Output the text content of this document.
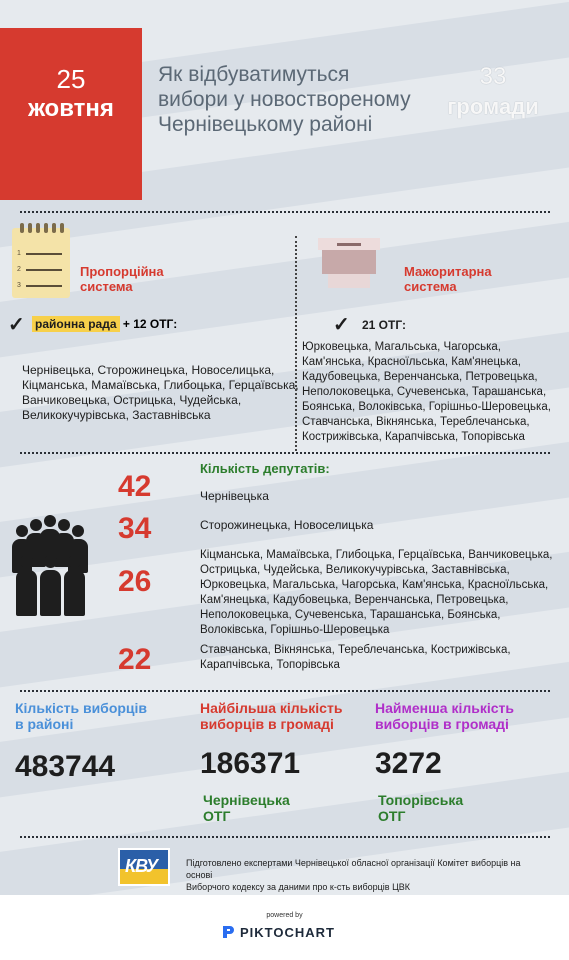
25
жовтня
Як відбуватимуться
вибори у новоствореному
Чернівецькому районі
33
громади
1
2
3
Пропорційна
система
✓ районна рада + 12 ОТГ:
Чернівецька, Сторожинецька, Новоселицька,
Кіцманська, Мамаївська, Глибоцька, Герцаївська,
Ванчиковецька, Острицька, Чудейська,
Великокучурівська, Заставнівська
Мажоритарна
система
✓ 21 ОТГ:
Юрковецька, Магальська, Чагорська,
Кам'янська, Красноїльська, Кам'янецька,
Кадубовецька, Веренчанська, Петровецька,
Неполоковецька, Сучевенська, Тарашанська,
Боянська, Волоківська, Горішньо-Шеровецька,
Ставчанська, Вікнянська, Тереблечанська,
Кострижівська, Карапчівська, Топорівська
Кількість депутатів:
42	Чернівецька
34	Сторожинецька, Новоселицька
26
Кіцманська, Мамаївська, Глибоцька, Герцаївська, Ванчиковецька,
Острицька, Чудейська, Великокучурівська, Заставнівська,
Юрковецька, Магальська, Чагорська, Кам'янська, Красноїльська,
Кам'янецька, Кадубовецька, Веренчанська, Петровецька,
Неполоковецька, Сучевенська, Тарашанська, Боянська,
Волоківська, Горішньо-Шеровецька
22	Ставчанська, Вікнянська, Тереблечанська, Кострижівська,
Карапчівська, Топорівська
Кількість виборців
в районі
483744
Найбільша кількість
виборців в громаді
186371
Чернівецька
ОТГ
Найменша кількість
виборців в громаді
3272
Топорівська
ОТГ
КВУ	Підготовлено експертами Чернівецької обласної організації Комітет виборців на основі
Виборчого кодексу за даними про к-сть виборців ЦВК
powered by
PIKTOCHART
